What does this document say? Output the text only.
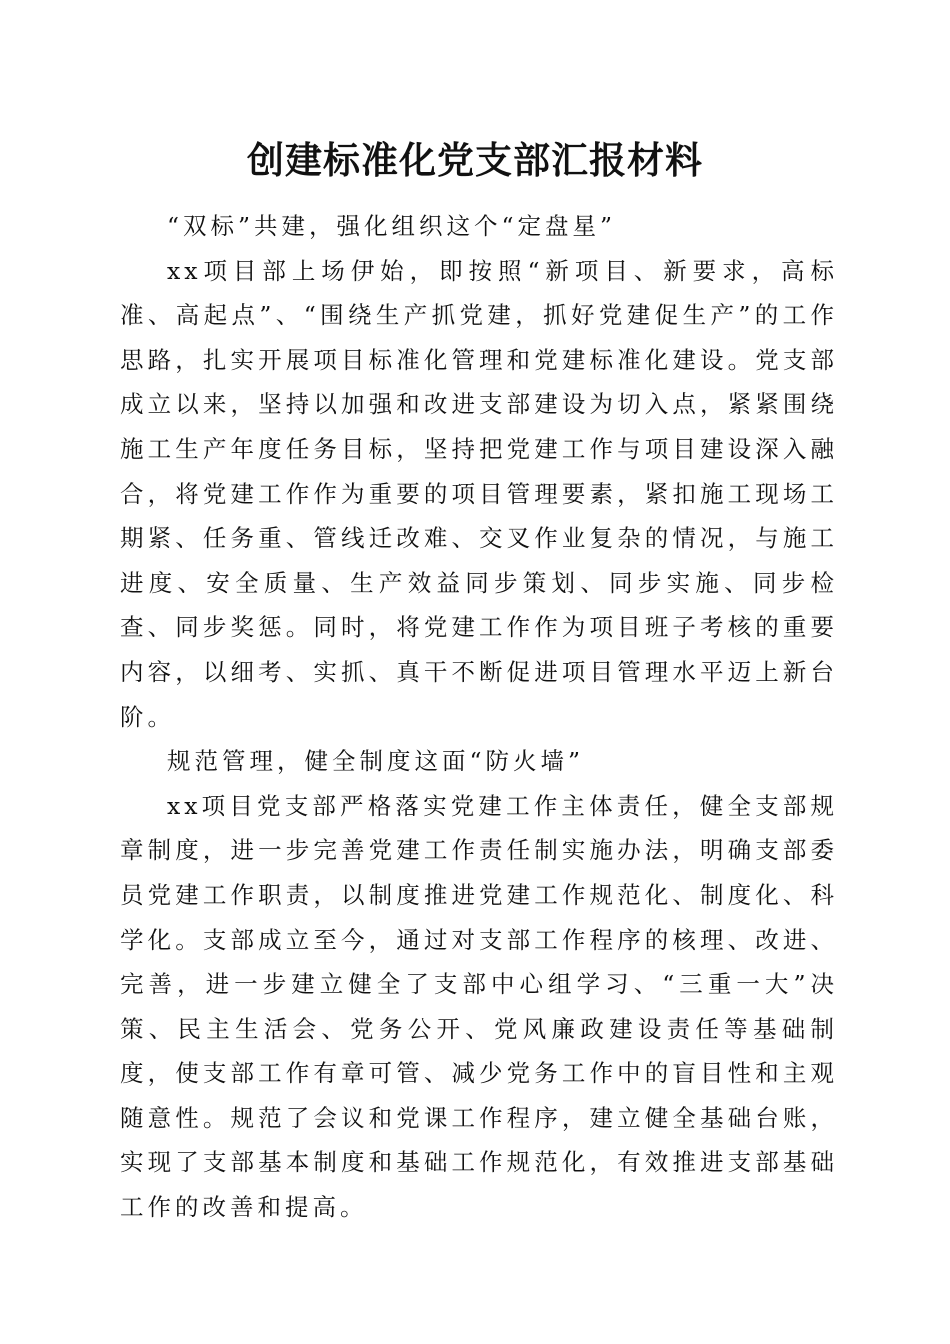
创建标准化党支部汇报材料

“双标”共建，强化组织这个“定盘星”

xx项目部上场伊始，即按照“新项目、新要求，高标准、高起点”、“围绕生产抓党建，抓好党建促生产”的工作思路，扎实开展项目标准化管理和党建标准化建设。党支部成立以来，坚持以加强和改进支部建设为切入点，紧紧围绕施工生产年度任务目标，坚持把党建工作与项目建设深入融合，将党建工作作为重要的项目管理要素，紧扣施工现场工期紧、任务重、管线迁改难、交叉作业复杂的情况，与施工进度、安全质量、生产效益同步策划、同步实施、同步检查、同步奖惩。同时，将党建工作作为项目班子考核的重要内容，以细考、实抓、真干不断促进项目管理水平迈上新台阶。

规范管理，健全制度这面“防火墙”

xx项目党支部严格落实党建工作主体责任，健全支部规章制度，进一步完善党建工作责任制实施办法，明确支部委员党建工作职责，以制度推进党建工作规范化、制度化、科学化。支部成立至今，通过对支部工作程序的核理、改进、完善，进一步建立健全了支部中心组学习、“三重一大”决策、民主生活会、党务公开、党风廉政建设责任等基础制度，使支部工作有章可管、减少党务工作中的盲目性和主观随意性。规范了会议和党课工作程序，建立健全基础台账，实现了支部基本制度和基础工作规范化，有效推进支部基础工作的改善和提高。
